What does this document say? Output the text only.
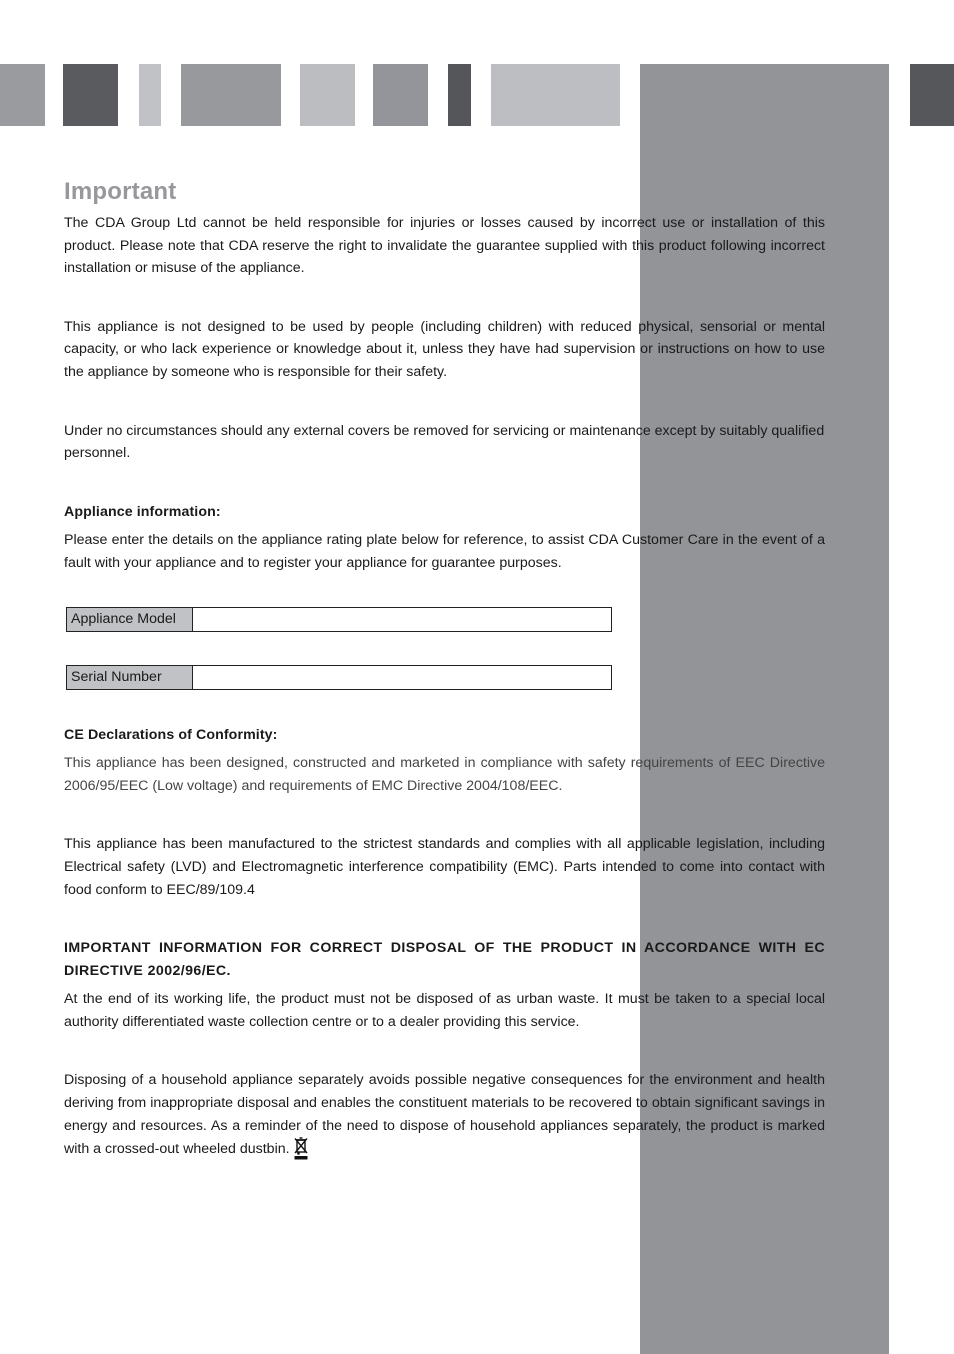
Important

The CDA Group Ltd cannot be held responsible for injuries or losses caused by incorrect use or installation of this product. Please note that CDA reserve the right to invalidate the guarantee supplied with this product following incorrect installation or misuse of the appliance.

This appliance is not designed to be used by people (including children) with reduced physical, sensorial or mental capacity, or who lack experience or knowledge about it, unless they have had supervision or instructions on how to use the appliance by someone who is responsible for their safety.

Under no circumstances should any external covers be removed for servicing or maintenance except by suitably qualified personnel.

Appliance information:

Please enter the details on the appliance rating plate below for reference, to assist CDA Customer Care in the event of a fault with your appliance and to register your appliance for guarantee purposes.

Appliance Model
Serial Number
CE Declarations of Conformity:

This appliance has been designed, constructed and marketed in compliance with safety requirements of EEC Directive 2006/95/EEC (Low voltage) and requirements of EMC Directive 2004/108/EEC.

This appliance has been manufactured to the strictest standards and complies with all applicable legislation, including Electrical safety (LVD) and Electromagnetic interference compatibility (EMC). Parts intended to come into contact with food conform to EEC/89/109.4

IMPORTANT INFORMATION FOR CORRECT DISPOSAL OF THE PRODUCT IN ACCORDANCE WITH EC DIRECTIVE 2002/96/EC.

At the end of its working life, the product must not be disposed of as urban waste. It must be taken to a special local authority differentiated waste collection centre or to a dealer providing this service.

Disposing of a household appliance separately avoids possible negative consequences for the environment and health deriving from inappropriate disposal and enables the constituent materials to be recovered to obtain significant savings in energy and resources. As a reminder of the need to dispose of household appliances separately, the product is marked with a crossed-out wheeled dustbin.
